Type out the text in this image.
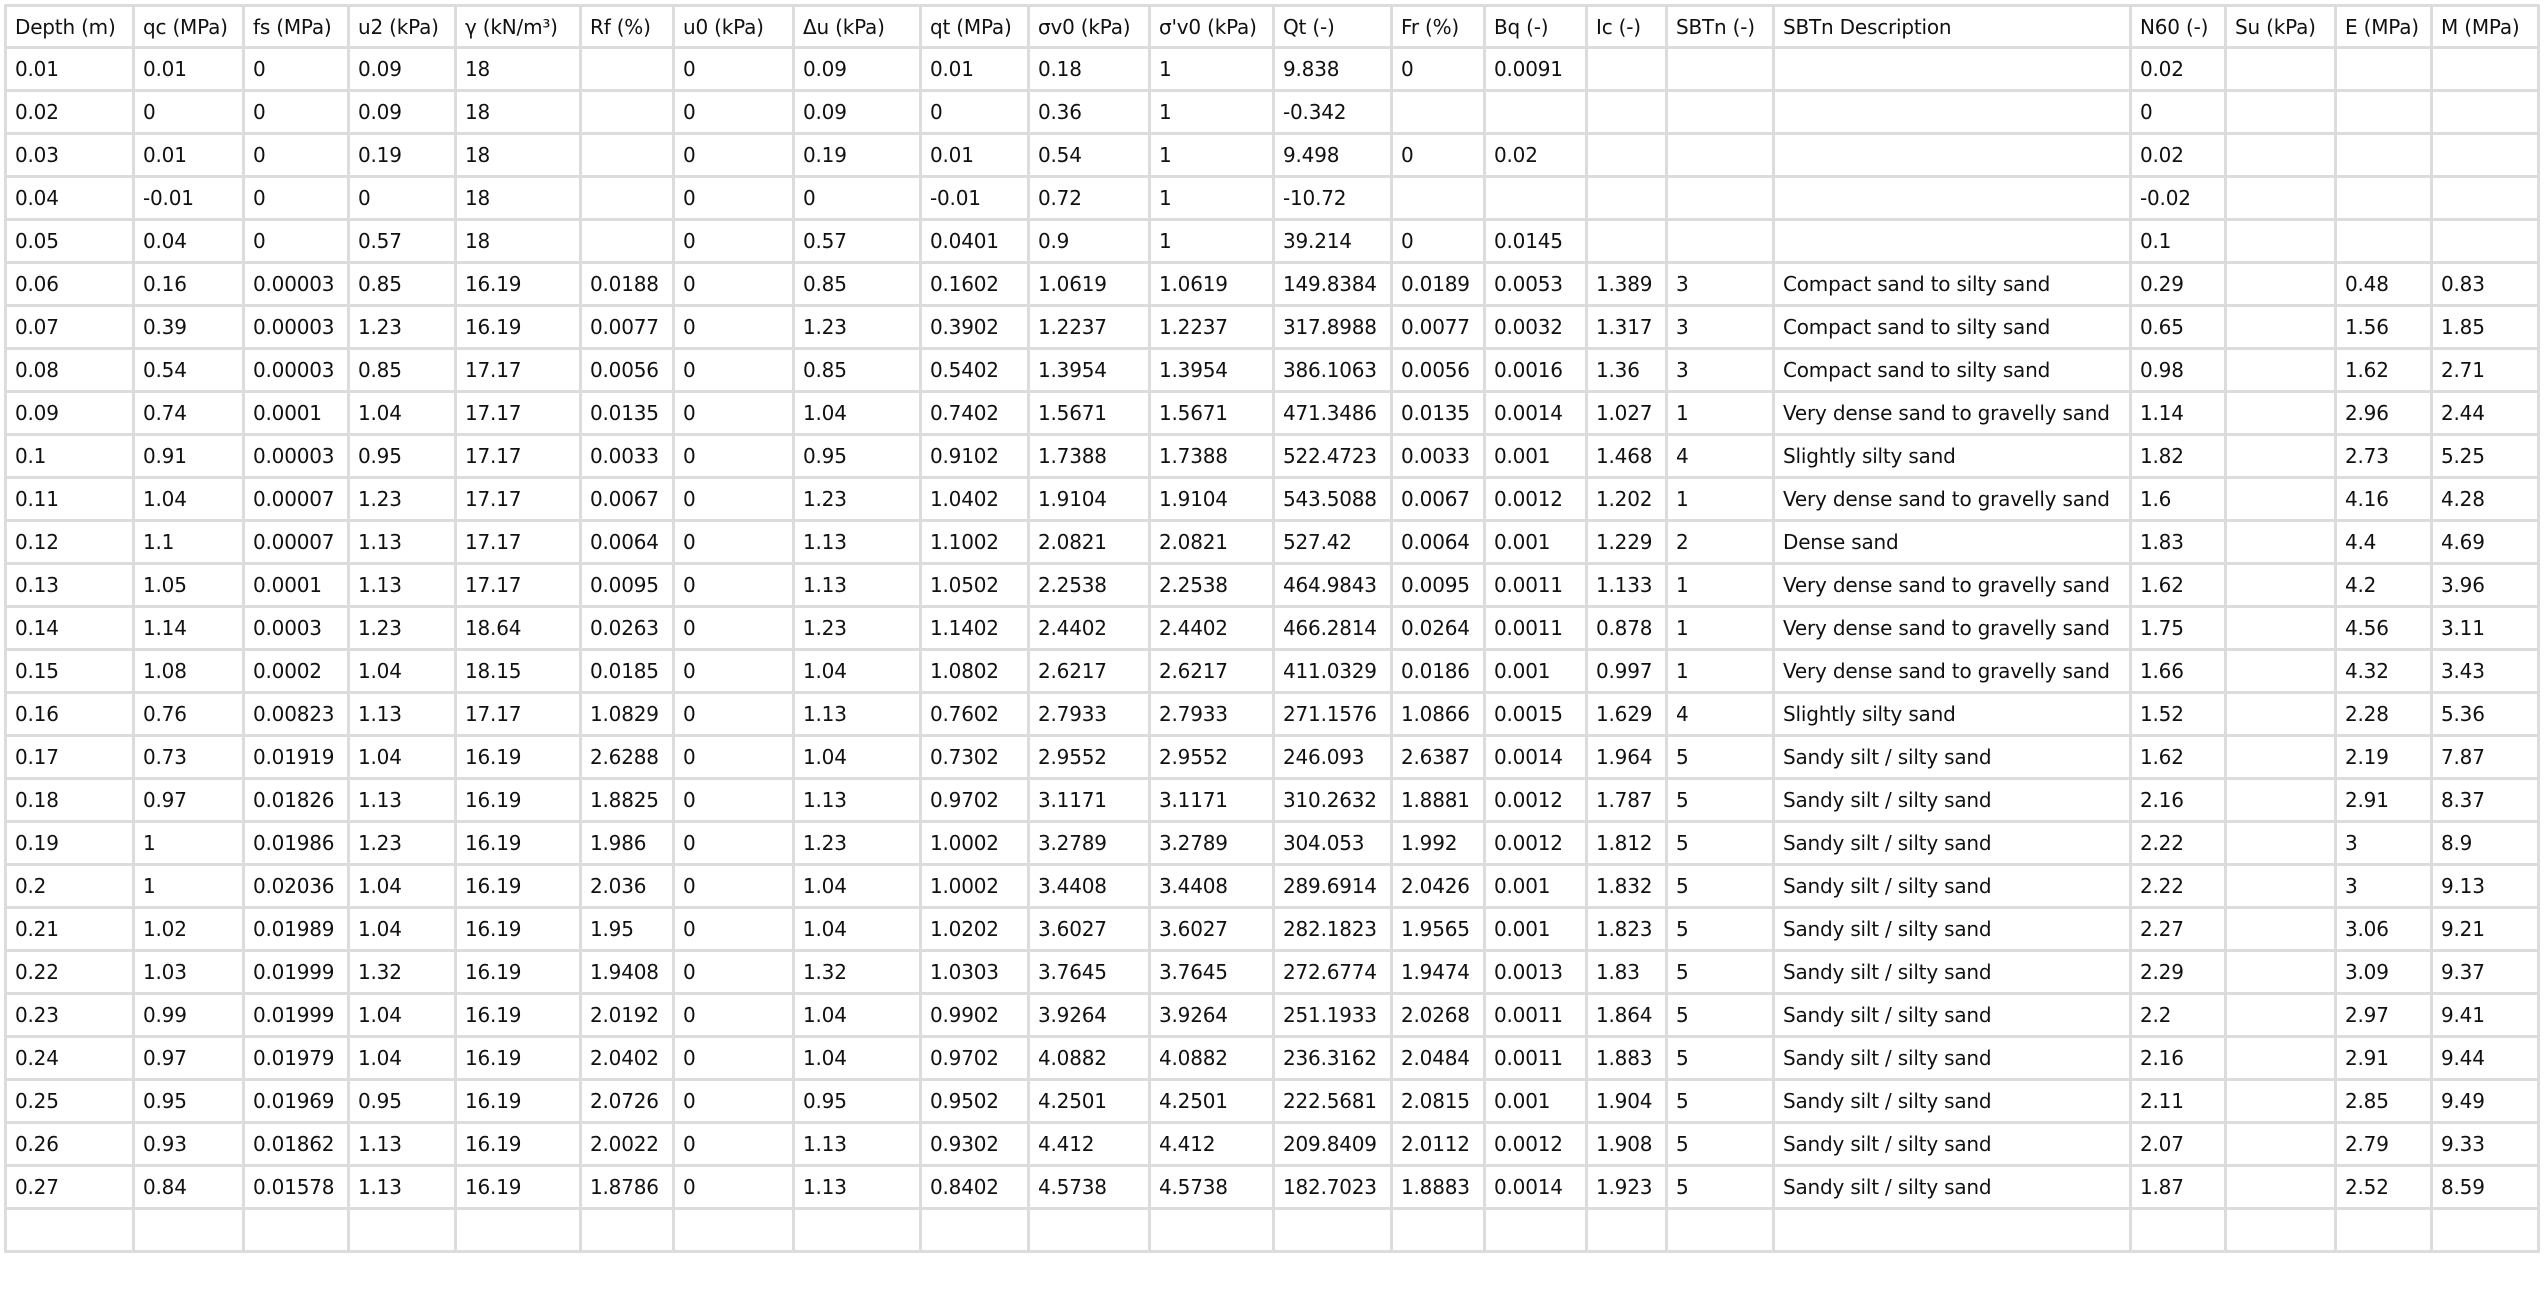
Depth (m)	qc (MPa)	fs (MPa)	u2 (kPa)	γ (kN/m³)	Rf (%)	u0 (kPa)	Δu (kPa)	qt (MPa)	σv0 (kPa)	σ'v0 (kPa)	Qt (-)	Fr (%)	Bq (-)	Ic (-)	SBTn (-)	SBTn Description	N60 (-)	Su (kPa)	E (MPa)	M (MPa)
0.01	0.01	0	0.09	18		0	0.09	0.01	0.18	1	9.838	0	0.0091				0.02			
0.02	0	0	0.09	18		0	0.09	0	0.36	1	-0.342						0			
0.03	0.01	0	0.19	18		0	0.19	0.01	0.54	1	9.498	0	0.02				0.02			
0.04	-0.01	0	0	18		0	0	-0.01	0.72	1	-10.72						-0.02			
0.05	0.04	0	0.57	18		0	0.57	0.0401	0.9	1	39.214	0	0.0145				0.1			
0.06	0.16	0.00003	0.85	16.19	0.0188	0	0.85	0.1602	1.0619	1.0619	149.8384	0.0189	0.0053	1.389	3	Compact sand to silty sand	0.29		0.48	0.83
0.07	0.39	0.00003	1.23	16.19	0.0077	0	1.23	0.3902	1.2237	1.2237	317.8988	0.0077	0.0032	1.317	3	Compact sand to silty sand	0.65		1.56	1.85
0.08	0.54	0.00003	0.85	17.17	0.0056	0	0.85	0.5402	1.3954	1.3954	386.1063	0.0056	0.0016	1.36	3	Compact sand to silty sand	0.98		1.62	2.71
0.09	0.74	0.0001	1.04	17.17	0.0135	0	1.04	0.7402	1.5671	1.5671	471.3486	0.0135	0.0014	1.027	1	Very dense sand to gravelly sand	1.14		2.96	2.44
0.1	0.91	0.00003	0.95	17.17	0.0033	0	0.95	0.9102	1.7388	1.7388	522.4723	0.0033	0.001	1.468	4	Slightly silty sand	1.82		2.73	5.25
0.11	1.04	0.00007	1.23	17.17	0.0067	0	1.23	1.0402	1.9104	1.9104	543.5088	0.0067	0.0012	1.202	1	Very dense sand to gravelly sand	1.6		4.16	4.28
0.12	1.1	0.00007	1.13	17.17	0.0064	0	1.13	1.1002	2.0821	2.0821	527.42	0.0064	0.001	1.229	2	Dense sand	1.83		4.4	4.69
0.13	1.05	0.0001	1.13	17.17	0.0095	0	1.13	1.0502	2.2538	2.2538	464.9843	0.0095	0.0011	1.133	1	Very dense sand to gravelly sand	1.62		4.2	3.96
0.14	1.14	0.0003	1.23	18.64	0.0263	0	1.23	1.1402	2.4402	2.4402	466.2814	0.0264	0.0011	0.878	1	Very dense sand to gravelly sand	1.75		4.56	3.11
0.15	1.08	0.0002	1.04	18.15	0.0185	0	1.04	1.0802	2.6217	2.6217	411.0329	0.0186	0.001	0.997	1	Very dense sand to gravelly sand	1.66		4.32	3.43
0.16	0.76	0.00823	1.13	17.17	1.0829	0	1.13	0.7602	2.7933	2.7933	271.1576	1.0866	0.0015	1.629	4	Slightly silty sand	1.52		2.28	5.36
0.17	0.73	0.01919	1.04	16.19	2.6288	0	1.04	0.7302	2.9552	2.9552	246.093	2.6387	0.0014	1.964	5	Sandy silt / silty sand	1.62		2.19	7.87
0.18	0.97	0.01826	1.13	16.19	1.8825	0	1.13	0.9702	3.1171	3.1171	310.2632	1.8881	0.0012	1.787	5	Sandy silt / silty sand	2.16		2.91	8.37
0.19	1	0.01986	1.23	16.19	1.986	0	1.23	1.0002	3.2789	3.2789	304.053	1.992	0.0012	1.812	5	Sandy silt / silty sand	2.22		3	8.9
0.2	1	0.02036	1.04	16.19	2.036	0	1.04	1.0002	3.4408	3.4408	289.6914	2.0426	0.001	1.832	5	Sandy silt / silty sand	2.22		3	9.13
0.21	1.02	0.01989	1.04	16.19	1.95	0	1.04	1.0202	3.6027	3.6027	282.1823	1.9565	0.001	1.823	5	Sandy silt / silty sand	2.27		3.06	9.21
0.22	1.03	0.01999	1.32	16.19	1.9408	0	1.32	1.0303	3.7645	3.7645	272.6774	1.9474	0.0013	1.83	5	Sandy silt / silty sand	2.29		3.09	9.37
0.23	0.99	0.01999	1.04	16.19	2.0192	0	1.04	0.9902	3.9264	3.9264	251.1933	2.0268	0.0011	1.864	5	Sandy silt / silty sand	2.2		2.97	9.41
0.24	0.97	0.01979	1.04	16.19	2.0402	0	1.04	0.9702	4.0882	4.0882	236.3162	2.0484	0.0011	1.883	5	Sandy silt / silty sand	2.16		2.91	9.44
0.25	0.95	0.01969	0.95	16.19	2.0726	0	0.95	0.9502	4.2501	4.2501	222.5681	2.0815	0.001	1.904	5	Sandy silt / silty sand	2.11		2.85	9.49
0.26	0.93	0.01862	1.13	16.19	2.0022	0	1.13	0.9302	4.412	4.412	209.8409	2.0112	0.0012	1.908	5	Sandy silt / silty sand	2.07		2.79	9.33
0.27	0.84	0.01578	1.13	16.19	1.8786	0	1.13	0.8402	4.5738	4.5738	182.7023	1.8883	0.0014	1.923	5	Sandy silt / silty sand	1.87		2.52	8.59
